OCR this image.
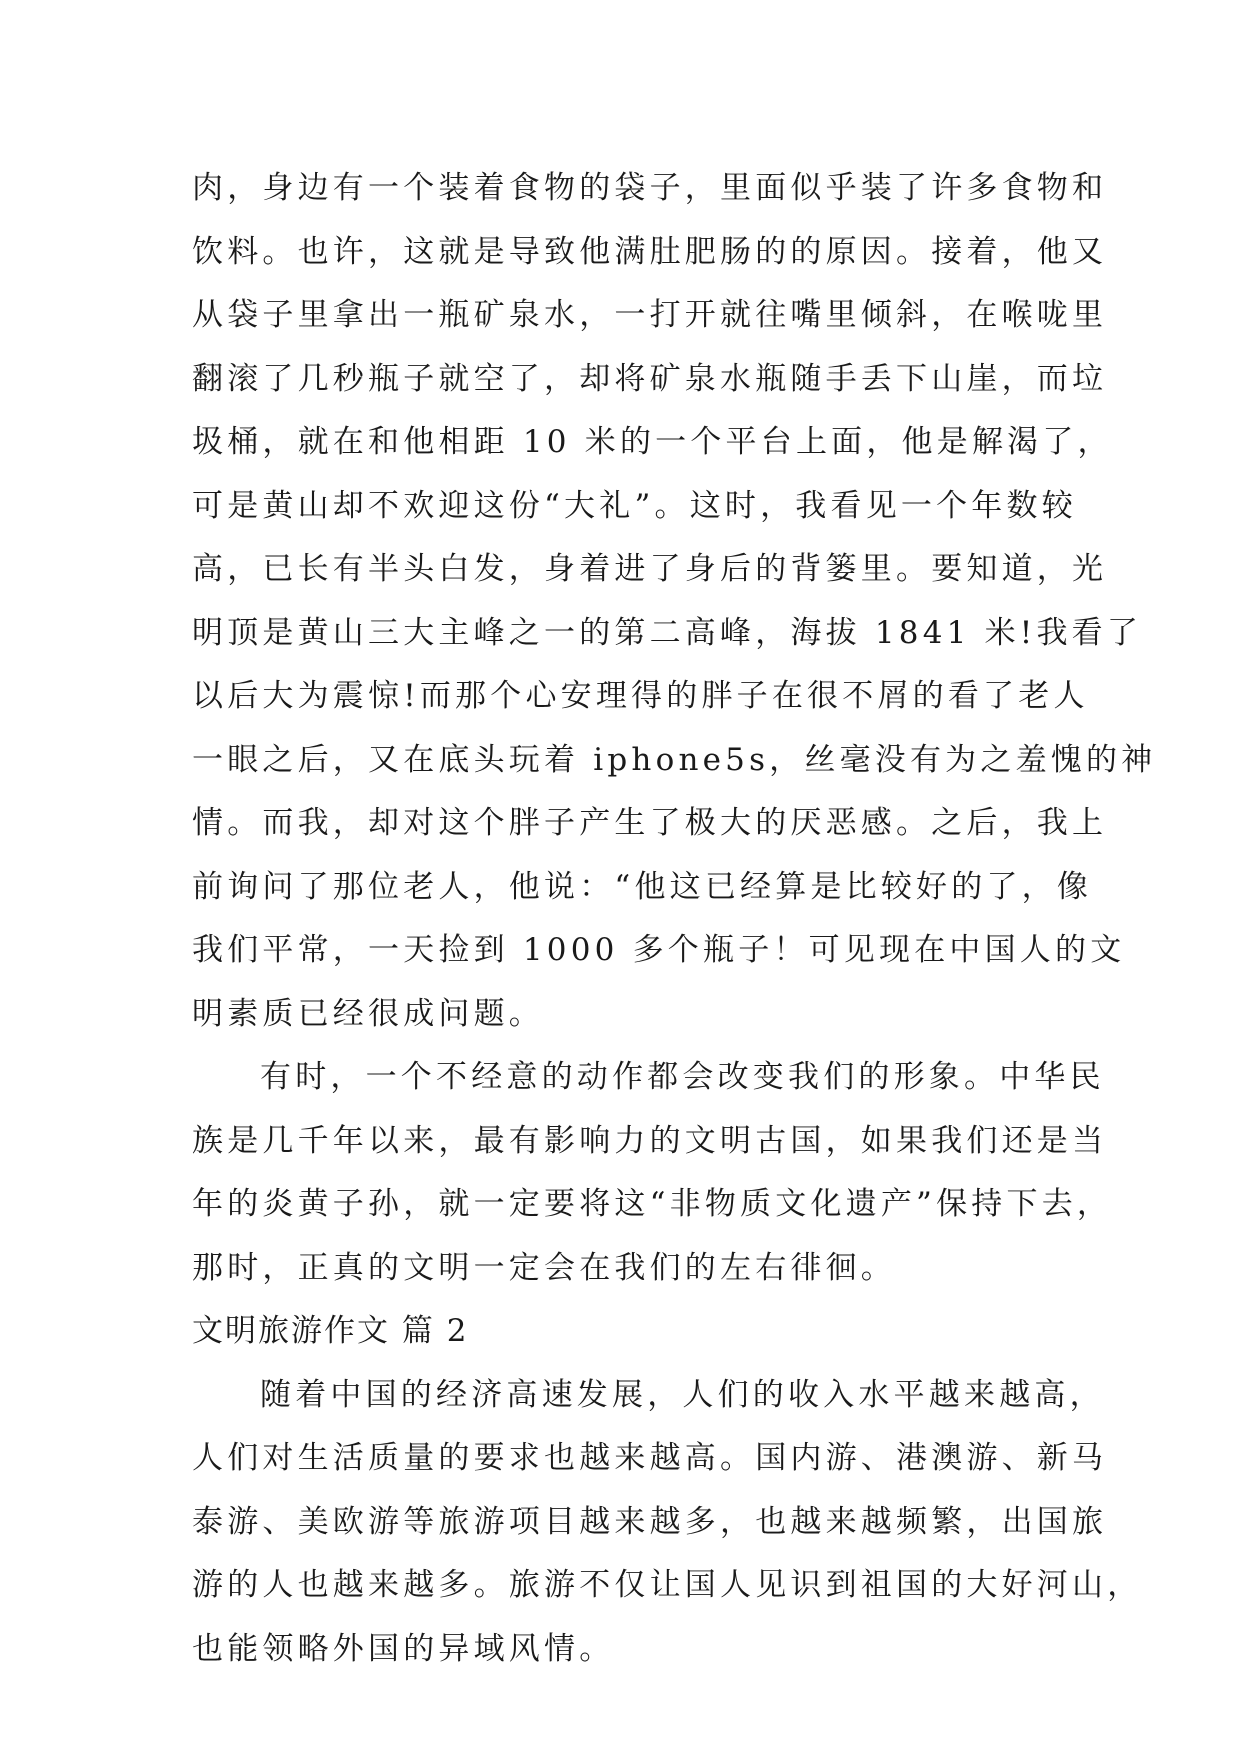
肉，身边有一个装着食物的袋子，里面似乎装了许多食物和
饮料。也许，这就是导致他满肚肥肠的的原因。接着，他又
从袋子里拿出一瓶矿泉水，一打开就往嘴里倾斜，在喉咙里
翻滚了几秒瓶子就空了，却将矿泉水瓶随手丢下山崖，而垃
圾桶，就在和他相距 10 米的一个平台上面，他是解渴了，
可是黄山却不欢迎这份“大礼”。这时，我看见一个年数较
高，已长有半头白发，身着进了身后的背篓里。要知道，光
明顶是黄山三大主峰之一的第二高峰，海拔 1841 米!我看了
以后大为震惊!而那个心安理得的胖子在很不屑的看了老人
一眼之后，又在底头玩着 iphone5s，丝毫没有为之羞愧的神
情。而我，却对这个胖子产生了极大的厌恶感。之后，我上
前询问了那位老人，他说：“他这已经算是比较好的了，像
我们平常，一天捡到 1000 多个瓶子！可见现在中国人的文
明素质已经很成问题。
有时，一个不经意的动作都会改变我们的形象。中华民
族是几千年以来，最有影响力的文明古国，如果我们还是当
年的炎黄子孙，就一定要将这“非物质文化遗产”保持下去，
那时，正真的文明一定会在我们的左右徘徊。
文明旅游作文 篇 2
随着中国的经济高速发展，人们的收入水平越来越高，
人们对生活质量的要求也越来越高。国内游、港澳游、新马
泰游、美欧游等旅游项目越来越多，也越来越频繁，出国旅
游的人也越来越多。旅游不仅让国人见识到祖国的大好河山，
也能领略外国的异域风情。
